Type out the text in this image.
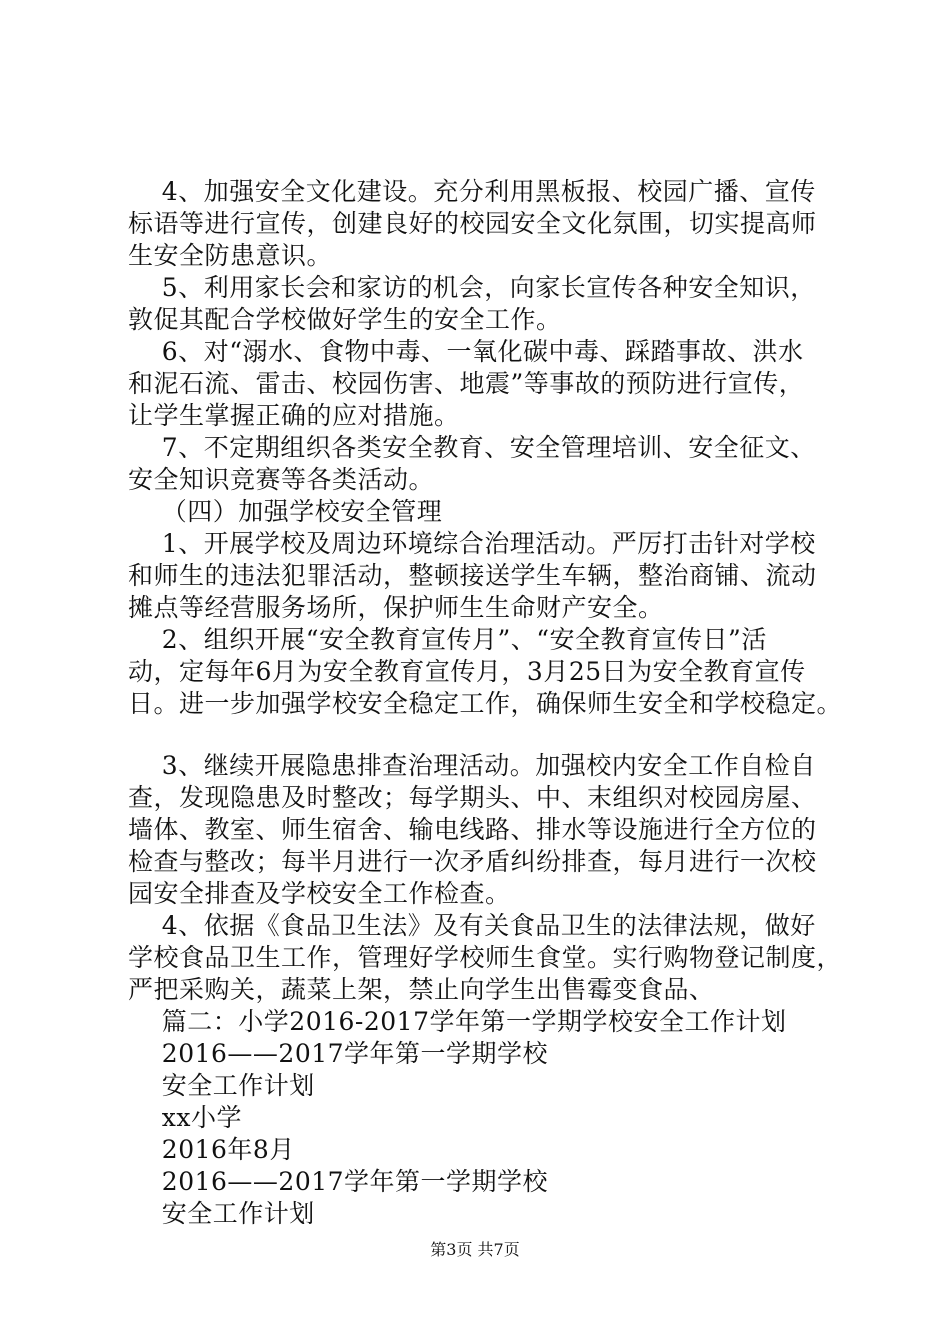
4、加强安全文化建设。充分利用黑板报、校园广播、宣传
标语等进行宣传，创建良好的校园安全文化氛围，切实提高师
生安全防患意识。
5、利用家长会和家访的机会，向家长宣传各种安全知识，
敦促其配合学校做好学生的安全工作。
6、对“溺水、食物中毒、一氧化碳中毒、踩踏事故、洪水
和泥石流、雷击、校园伤害、地震”等事故的预防进行宣传，
让学生掌握正确的应对措施。
7、不定期组织各类安全教育、安全管理培训、安全征文、
安全知识竞赛等各类活动。
（四）加强学校安全管理
1、开展学校及周边环境综合治理活动。严厉打击针对学校
和师生的违法犯罪活动，整顿接送学生车辆，整治商铺、流动
摊点等经营服务场所，保护师生生命财产安全。
2、组织开展“安全教育宣传月”、“安全教育宣传日”活
动，定每年6月为安全教育宣传月，3月25日为安全教育宣传
日。进一步加强学校安全稳定工作，确保师生安全和学校稳定。
3、继续开展隐患排查治理活动。加强校内安全工作自检自
查，发现隐患及时整改；每学期头、中、末组织对校园房屋、
墙体、教室、师生宿舍、输电线路、排水等设施进行全方位的
检查与整改；每半月进行一次矛盾纠纷排查，每月进行一次校
园安全排查及学校安全工作检查。
4、依据《食品卫生法》及有关食品卫生的法律法规，做好
学校食品卫生工作，管理好学校师生食堂。实行购物登记制度，
严把采购关，蔬菜上架，禁止向学生出售霉变食品、
篇二：小学2016-2017学年第一学期学校安全工作计划
2016——2017学年第一学期学校
安全工作计划
xx小学
2016年8月
2016——2017学年第一学期学校
安全工作计划
第3页 共7页
